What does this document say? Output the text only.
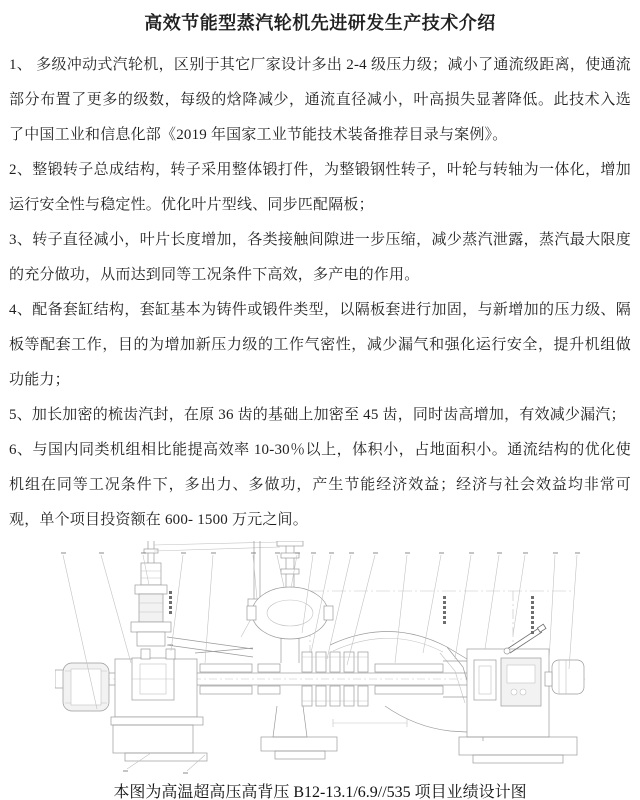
高效节能型蒸汽轮机先进研发生产技术介绍

1、 多级冲动式汽轮机，区别于其它厂家设计多出 2-4 级压力级；减小了通流级距离，使通流部分布置了更多的级数，每级的焓降减少，通流直径减小，叶高损失显著降低。此技术入选了中国工业和信息化部《2019 年国家工业节能技术装备推荐目录与案例》。

2、整锻转子总成结构，转子采用整体锻打件，为整锻钢性转子，叶轮与转轴为一体化，增加运行安全性与稳定性。优化叶片型线、同步匹配隔板；

3、转子直径减小，叶片长度增加，各类接触间隙进一步压缩，减少蒸汽泄露，蒸汽最大限度的充分做功，从而达到同等工况条件下高效，多产电的作用。

4、配备套缸结构，套缸基本为铸件或锻件类型，以隔板套进行加固，与新增加的压力级、隔板等配套工作，目的为增加新压力级的工作气密性，减少漏气和强化运行安全，提升机组做功能力；

5、加长加密的梳齿汽封，在原 36 齿的基础上加密至 45 齿，同时齿高增加，有效减少漏汽；

6、与国内同类机组相比能提高效率 10-30％以上，体积小，占地面积小。通流结构的优化使机组在同等工况条件下，多出力、多做功，产生节能经济效益；经济与社会效益均非常可观，单个项目投资额在 600- 1500 万元之间。

本图为高温超高压高背压 B12-13.1/6.9//535 项目业绩设计图
